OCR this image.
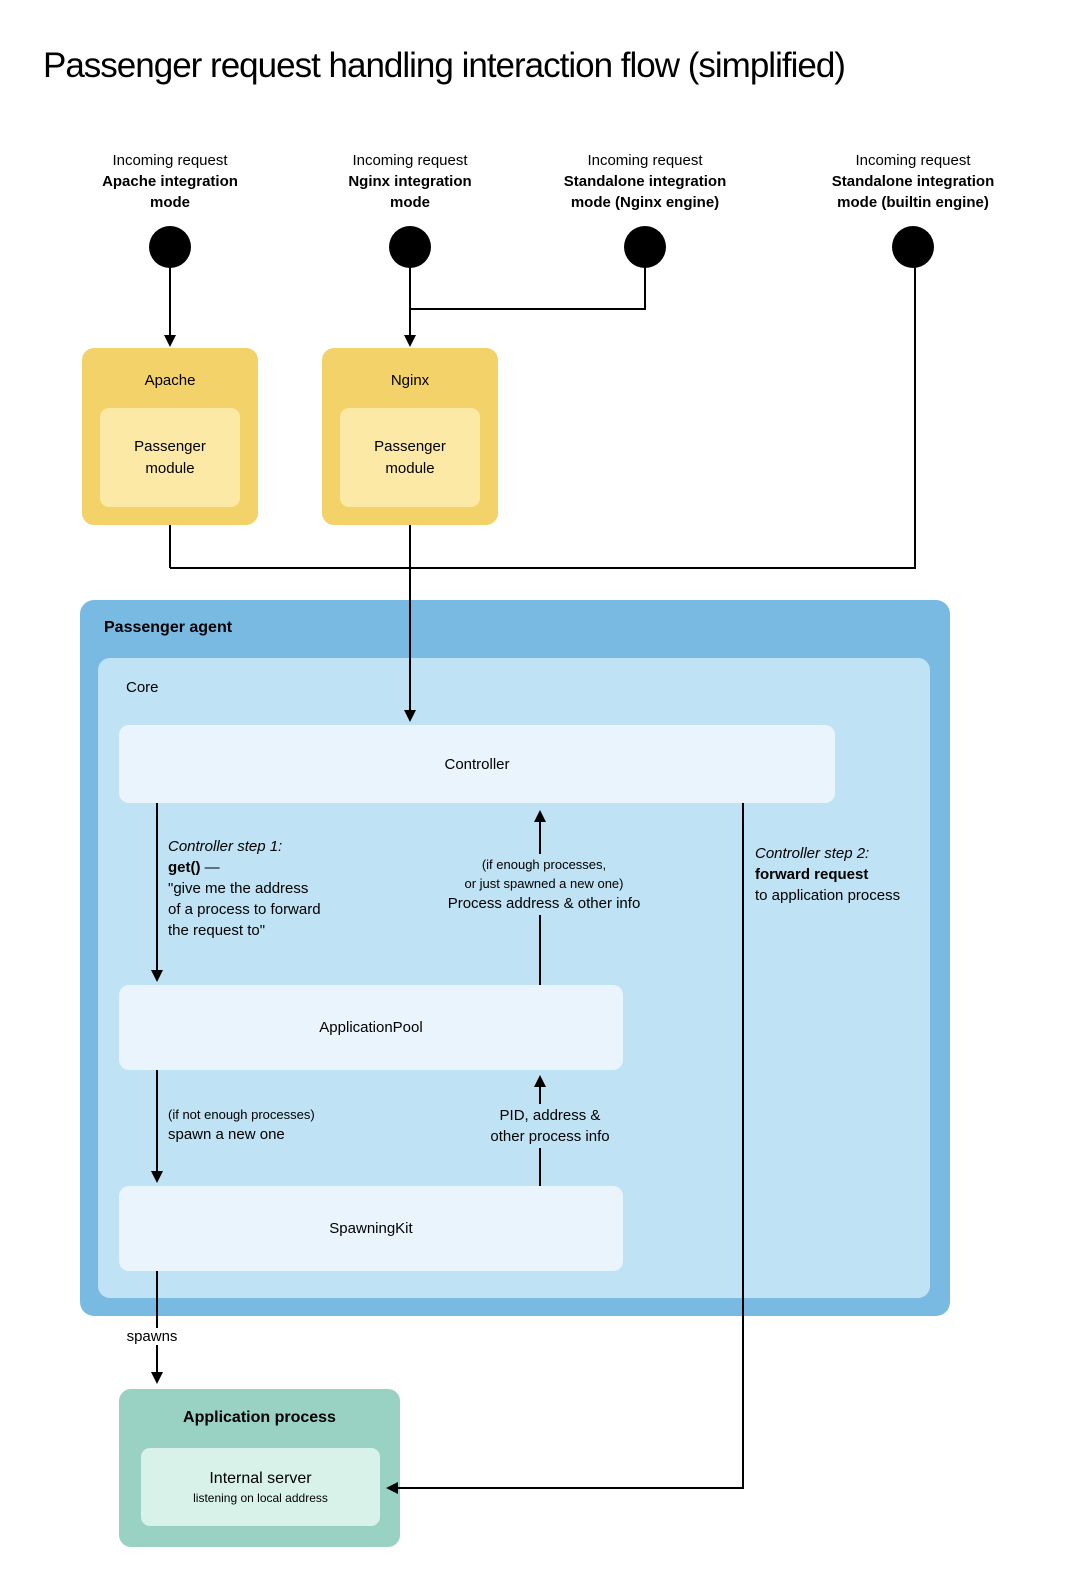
Passenger request handling interaction flow (simplified)
Incoming request
Apache integration
mode
Incoming request
Nginx integration
mode
Incoming request
Standalone integration
mode (Nginx engine)
Incoming request
Standalone integration
mode (builtin engine)
Apache
Passenger
module
Nginx
Passenger
module
Passenger agent
Core
Controller
ApplicationPool
SpawningKit
Controller step 1:
get() —
"give me the address
of a process to forward
the request to"
(if enough processes,
or just spawned a new one)
Process address & other info
Controller step 2:
forward request
to application process
(if not enough processes)
spawn a new one
PID, address &
other process info
spawns
Application process
Internal server
listening on local address
